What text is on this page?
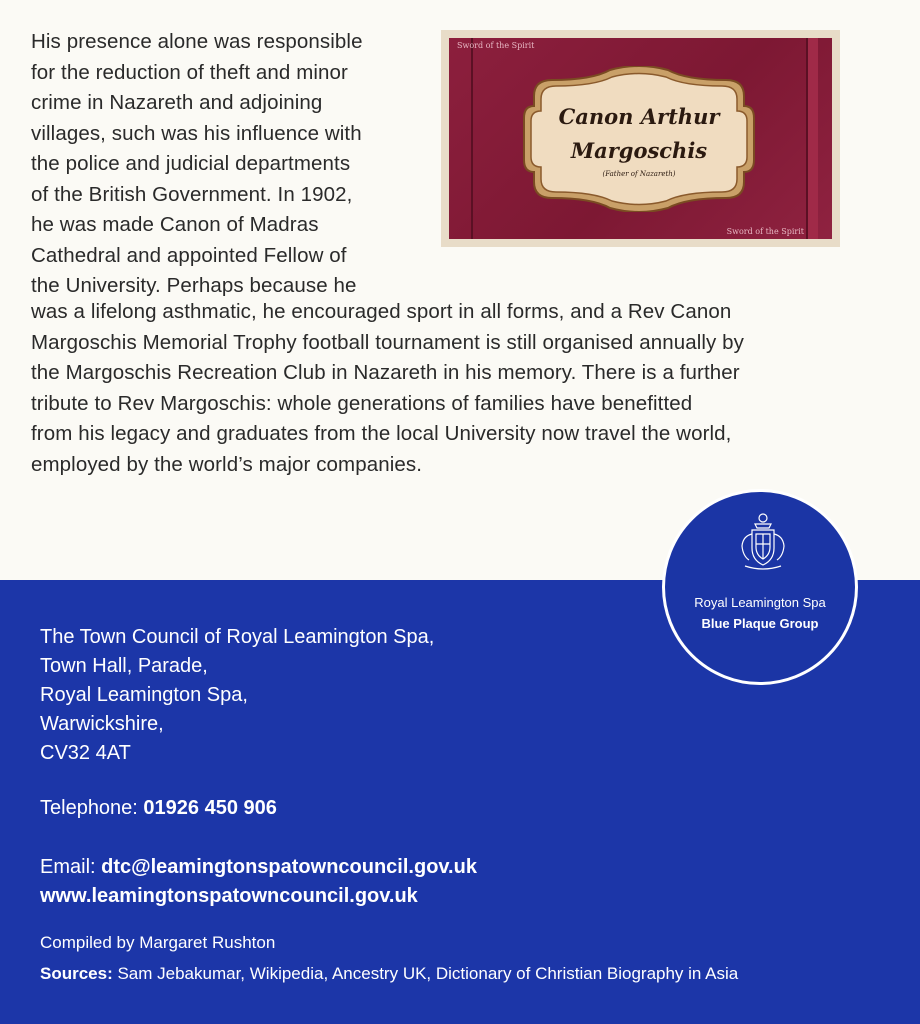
His presence alone was responsible
for the reduction of theft and minor
crime in Nazareth and adjoining
villages, such was his influence with
the police and judicial departments
of the British Government. In 1902,
he was made Canon of Madras
Cathedral and appointed Fellow of
the University. Perhaps because he
Sword of the Spirit
Sword of the Spirit
Canon Arthur
Margoschis
(Father of Nazareth)
was a lifelong asthmatic, he encouraged sport in all forms, and a Rev Canon
Margoschis Memorial Trophy football tournament is still organised annually by
the Margoschis Recreation Club in Nazareth in his memory. There is a further
tribute to Rev Margoschis: whole generations of families have benefitted
from his legacy and graduates from the local University now travel the world,
employed by the world’s major companies.
Royal Leamington Spa
Blue Plaque Group
The Town Council of Royal Leamington Spa,
Town Hall, Parade,
Royal Leamington Spa,
Warwickshire,
CV32 4AT
Telephone: 01926 450 906
Email: dtc@leamingtonspatowncouncil.gov.uk
www.leamingtonspatowncouncil.gov.uk
Compiled by Margaret Rushton
Sources: Sam Jebakumar, Wikipedia, Ancestry UK, Dictionary of Christian Biography in Asia
